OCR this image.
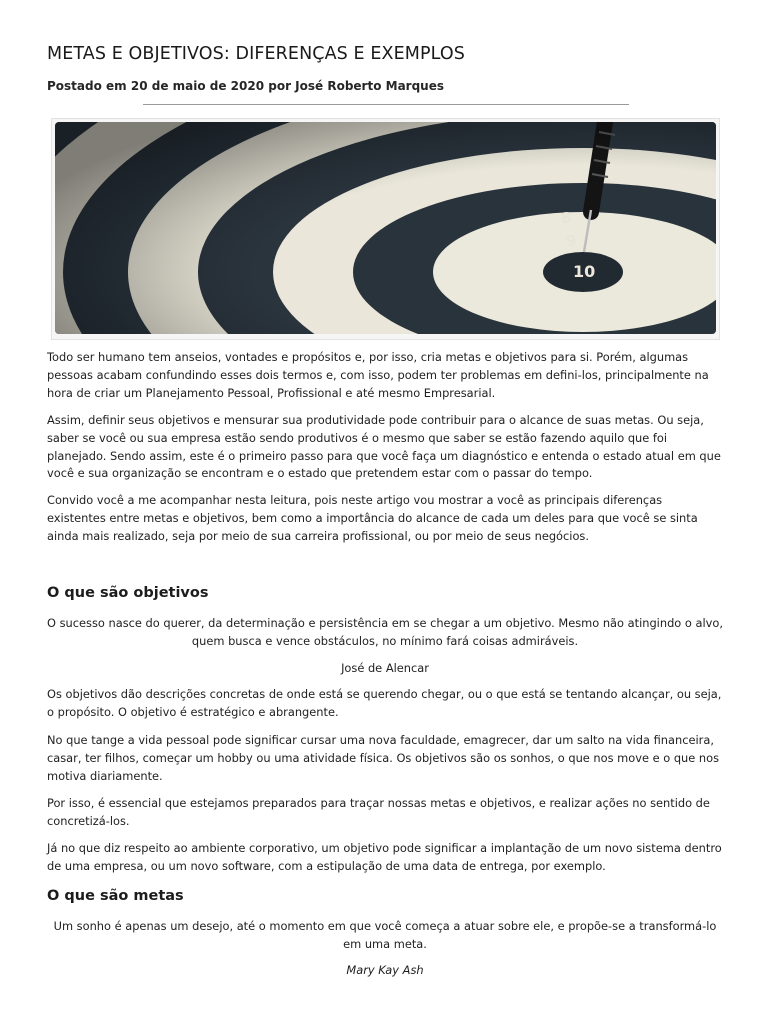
METAS E OBJETIVOS: DIFERENÇAS E EXEMPLOS
Postado em 20 de maio de 2020 por José Roberto Marques

Todo ser humano tem anseios, vontades e propósitos e, por isso, cria metas e objetivos para si. Porém, algumas pessoas acabam confundindo esses dois termos e, com isso, podem ter problemas em defini-los, principalmente na hora de criar um Planejamento Pessoal, Profissional e até mesmo Empresarial.

Assim, definir seus objetivos e mensurar sua produtividade pode contribuir para o alcance de suas metas. Ou seja, saber se você ou sua empresa estão sendo produtivos é o mesmo que saber se estão fazendo aquilo que foi planejado. Sendo assim, este é o primeiro passo para que você faça um diagnóstico e entenda o estado atual em que você e sua organização se encontram e o estado que pretendem estar com o passar do tempo.

Convido você a me acompanhar nesta leitura, pois neste artigo vou mostrar a você as principais diferenças existentes entre metas e objetivos, bem como a importância do alcance de cada um deles para que você se sinta ainda mais realizado, seja por meio de sua carreira profissional, ou por meio de seus negócios.

O que são objetivos

O sucesso nasce do querer, da determinação e persistência em se chegar a um objetivo. Mesmo não atingindo o alvo, quem busca e vence obstáculos, no mínimo fará coisas admiráveis.

José de Alencar

Os objetivos dão descrições concretas de onde está se querendo chegar, ou o que está se tentando alcançar, ou seja, o propósito. O objetivo é estratégico e abrangente.

No que tange a vida pessoal pode significar cursar uma nova faculdade, emagrecer, dar um salto na vida financeira, casar, ter filhos, começar um hobby ou uma atividade física. Os objetivos são os sonhos, o que nos move e o que nos motiva diariamente.

Por isso, é essencial que estejamos preparados para traçar nossas metas e objetivos, e realizar ações no sentido de concretizá-los.

Já no que diz respeito ao ambiente corporativo, um objetivo pode significar a implantação de um novo sistema dentro de uma empresa, ou um novo software, com a estipulação de uma data de entrega, por exemplo.

O que são metas

Um sonho é apenas um desejo, até o momento em que você começa a atuar sobre ele, e propõe-se a transformá-lo em uma meta.

Mary Kay Ash
